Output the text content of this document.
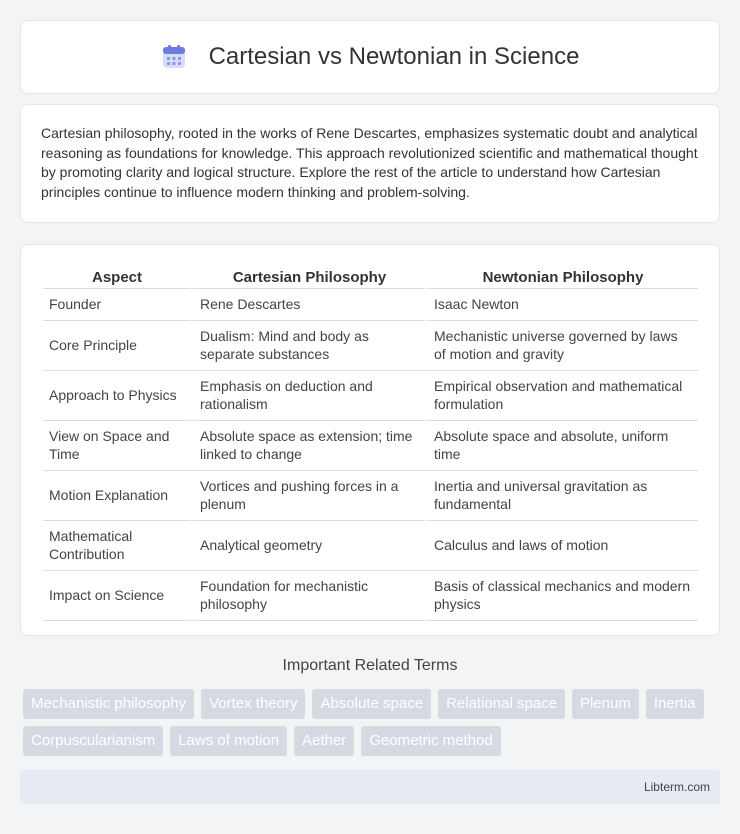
Cartesian vs Newtonian in Science

Cartesian philosophy, rooted in the works of Rene Descartes, emphasizes systematic doubt and analytical reasoning as foundations for knowledge. This approach revolutionized scientific and mathematical thought by promoting clarity and logical structure. Explore the rest of the article to understand how Cartesian principles continue to influence modern thinking and problem-solving.

Aspect	Cartesian Philosophy	Newtonian Philosophy
Founder	Rene Descartes	Isaac Newton
Core Principle	Dualism: Mind and body as separate substances	Mechanistic universe governed by laws of motion and gravity
Approach to Physics	Emphasis on deduction and rationalism	Empirical observation and mathematical formulation
View on Space and Time	Absolute space as extension; time linked to change	Absolute space and absolute, uniform time
Motion Explanation	Vortices and pushing forces in a plenum	Inertia and universal gravitation as fundamental
Mathematical Contribution	Analytical geometry	Calculus and laws of motion
Impact on Science	Foundation for mechanistic philosophy	Basis of classical mechanics and modern physics
Important Related Terms
Mechanistic philosophy	Vortex theory	Absolute space	Relational space	Plenum	Inertia
Corpuscularianism	Laws of motion	Aether	Geometric method
Libterm.com
